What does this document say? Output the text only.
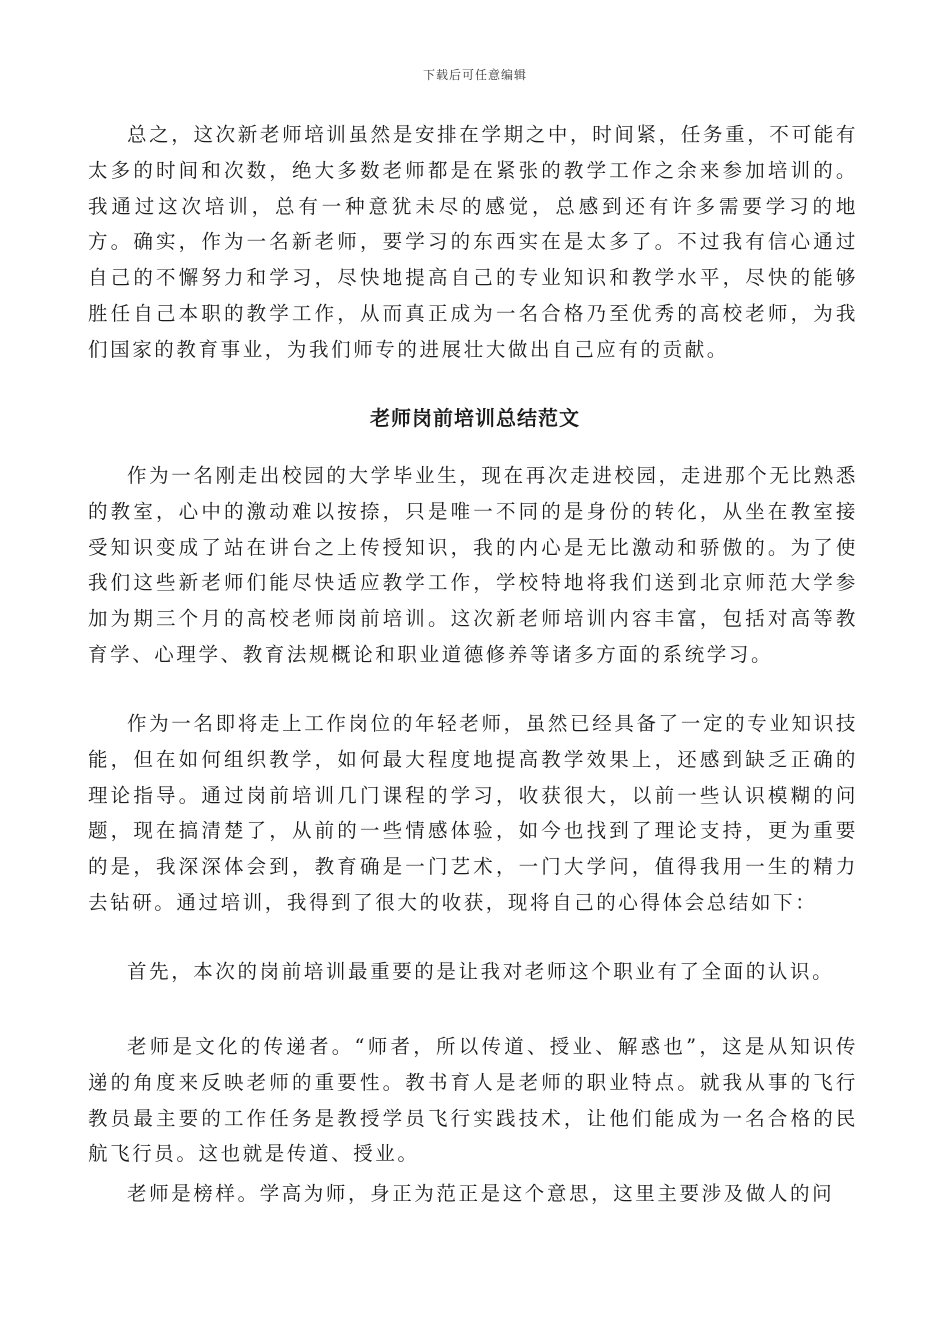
下载后可任意编辑

总之，这次新老师培训虽然是安排在学期之中，时间紧，任务重，不可能有太多的时间和次数，绝大多数老师都是在紧张的教学工作之余来参加培训的。我通过这次培训，总有一种意犹未尽的感觉，总感到还有许多需要学习的地方。确实，作为一名新老师，要学习的东西实在是太多了。不过我有信心通过自己的不懈努力和学习，尽快地提高自己的专业知识和教学水平，尽快的能够胜任自己本职的教学工作，从而真正成为一名合格乃至优秀的高校老师，为我们国家的教育事业，为我们师专的进展壮大做出自己应有的贡献。

老师岗前培训总结范文

作为一名刚走出校园的大学毕业生，现在再次走进校园，走进那个无比熟悉的教室，心中的激动难以按捺，只是唯一不同的是身份的转化，从坐在教室接受知识变成了站在讲台之上传授知识，我的内心是无比激动和骄傲的。为了使我们这些新老师们能尽快适应教学工作，学校特地将我们送到北京师范大学参加为期三个月的高校老师岗前培训。这次新老师培训内容丰富，包括对高等教育学、心理学、教育法规概论和职业道德修养等诸多方面的系统学习。

作为一名即将走上工作岗位的年轻老师，虽然已经具备了一定的专业知识技能，但在如何组织教学，如何最大程度地提高教学效果上，还感到缺乏正确的理论指导。通过岗前培训几门课程的学习，收获很大，以前一些认识模糊的问题，现在搞清楚了，从前的一些情感体验，如今也找到了理论支持，更为重要的是，我深深体会到，教育确是一门艺术，一门大学问，值得我用一生的精力去钻研。通过培训，我得到了很大的收获，现将自己的心得体会总结如下：

首先，本次的岗前培训最重要的是让我对老师这个职业有了全面的认识。

老师是文化的传递者。“师者，所以传道、授业、解惑也”，这是从知识传递的角度来反映老师的重要性。教书育人是老师的职业特点。就我从事的飞行教员最主要的工作任务是教授学员飞行实践技术，让他们能成为一名合格的民航飞行员。这也就是传道、授业。

老师是榜样。学高为师，身正为范正是这个意思，这里主要涉及做人的问
